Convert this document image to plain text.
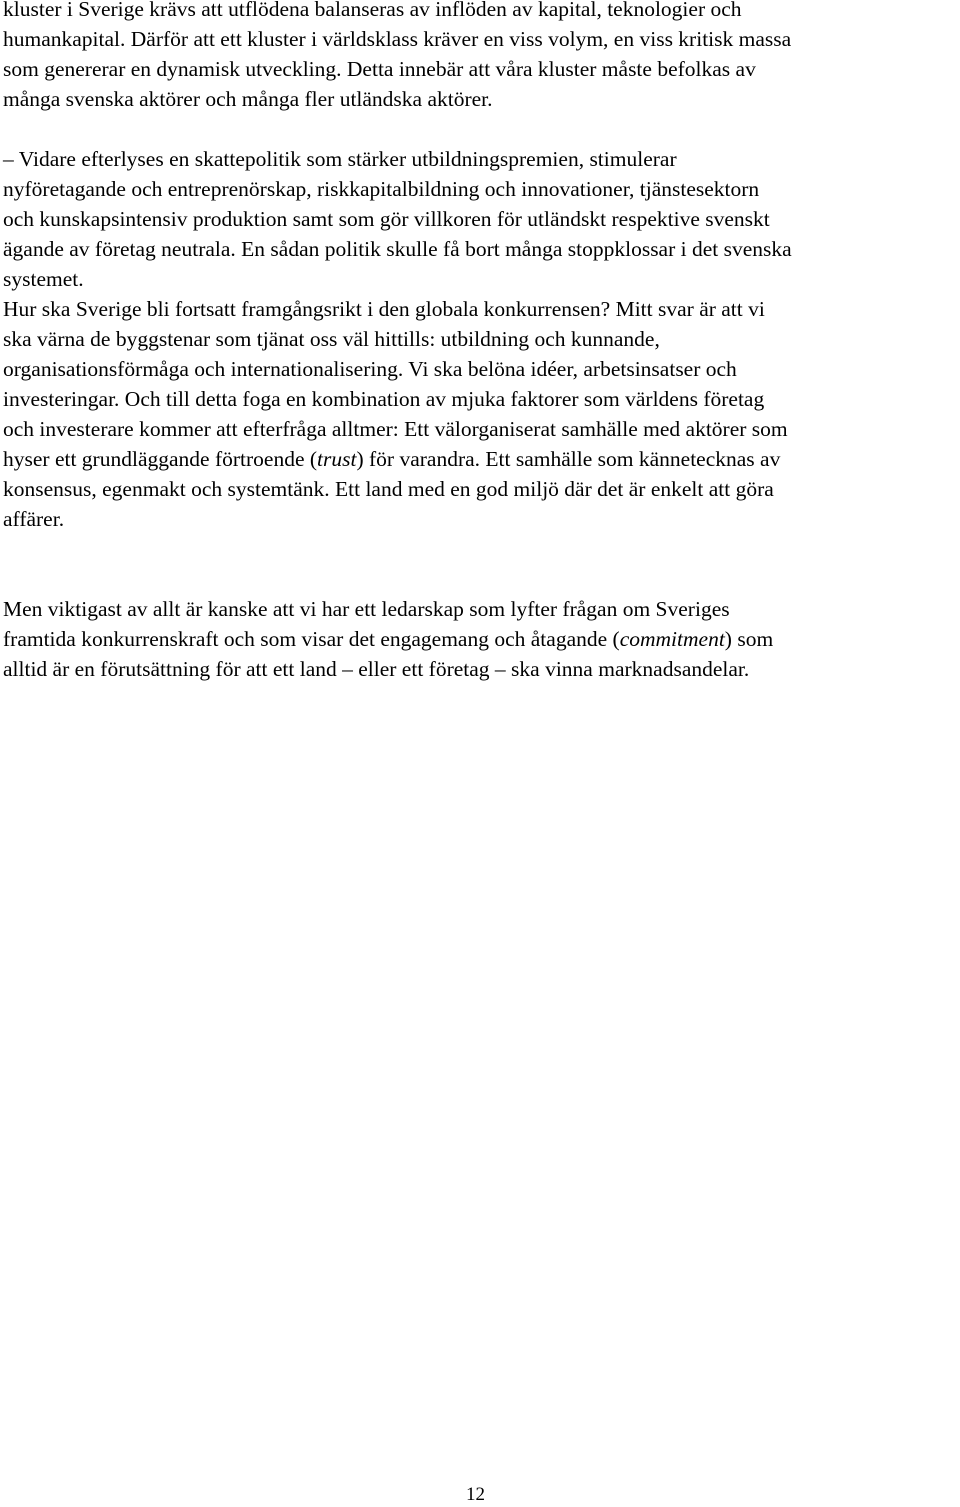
kluster i Sverige krävs att utflödena balanseras av inflöden av kapital, teknologier och
humankapital. Därför att ett kluster i världsklass kräver en viss volym, en viss kritisk massa
som genererar en dynamisk utveckling. Detta innebär att våra kluster måste befolkas av
många svenska aktörer och många fler utländska aktörer.

– Vidare efterlyses en skattepolitik som stärker utbildningspremien, stimulerar
nyföretagande och entreprenörskap, riskkapitalbildning och innovationer, tjänstesektorn
och kunskapsintensiv produktion samt som gör villkoren för utländskt respektive svenskt
ägande av företag neutrala. En sådan politik skulle få bort många stoppklossar i det svenska
systemet.

Hur ska Sverige bli fortsatt framgångsrikt i den globala konkurrensen? Mitt svar är att vi
ska värna de byggstenar som tjänat oss väl hittills: utbildning och kunnande,
organisationsförmåga och internationalisering. Vi ska belöna idéer, arbetsinsatser och
investeringar. Och till detta foga en kombination av mjuka faktorer som världens företag
och investerare kommer att efterfråga alltmer: Ett välorganiserat samhälle med aktörer som
hyser ett grundläggande förtroende (trust) för varandra. Ett samhälle som kännetecknas av
konsensus, egenmakt och systemtänk. Ett land med en god miljö där det är enkelt att göra
affärer.

Men viktigast av allt är kanske att vi har ett ledarskap som lyfter frågan om Sveriges
framtida konkurrenskraft och som visar det engagemang och åtagande (commitment) som
alltid är en förutsättning för att ett land – eller ett företag – ska vinna marknadsandelar.

12
